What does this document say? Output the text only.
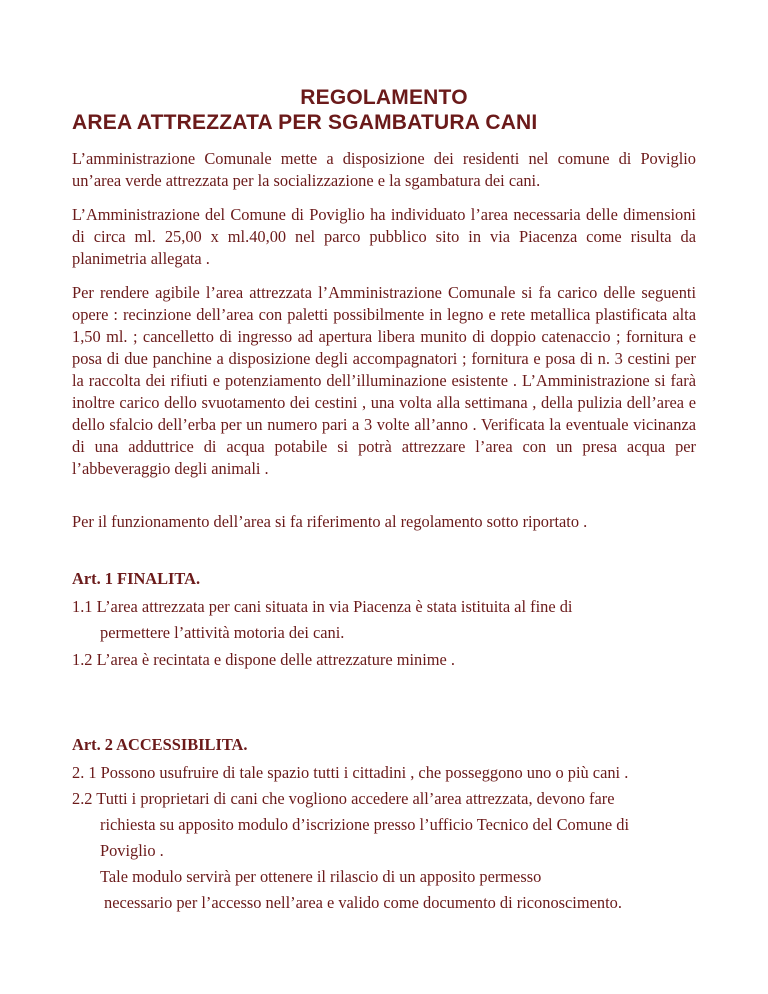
REGOLAMENTO
AREA ATTREZZATA PER SGAMBATURA CANI

L’amministrazione Comunale mette a disposizione dei residenti nel comune di Poviglio un’area verde attrezzata per la socializzazione e la sgambatura dei cani.

L’Amministrazione del Comune di Poviglio ha individuato l’area necessaria delle dimensioni di circa ml. 25,00 x ml.40,00 nel parco pubblico sito in via Piacenza come risulta da planimetria allegata .

Per rendere agibile l’area attrezzata l’Amministrazione Comunale si fa carico delle seguenti opere : recinzione dell’area con paletti possibilmente in legno e rete metallica plastificata alta 1,50 ml. ; cancelletto di ingresso ad apertura libera munito di doppio catenaccio ; fornitura e posa di due panchine a disposizione degli accompagnatori ; fornitura e posa di n. 3 cestini per la raccolta dei rifiuti e potenziamento dell’illuminazione esistente . L’Amministrazione si farà inoltre carico dello svuotamento dei cestini , una volta alla settimana , della pulizia dell’area e dello sfalcio dell’erba per un numero pari a 3 volte all’anno . Verificata la eventuale vicinanza di una adduttrice di acqua potabile si potrà attrezzare l’area con un presa acqua per l’abbeveraggio degli animali .

Per il funzionamento dell’area si fa riferimento al regolamento sotto riportato .

Art. 1 FINALITA.

1.1 L’area attrezzata per cani situata in via Piacenza è stata istituita al fine di
permettere l’attività motoria dei cani.
1.2 L’area è recintata e dispone delle attrezzature minime .

Art. 2 ACCESSIBILITA.

2. 1 Possono usufruire di tale spazio tutti i cittadini , che posseggono uno o più cani .
2.2 Tutti i proprietari di cani che vogliono accedere all’area attrezzata, devono fare
richiesta su apposito modulo d’iscrizione presso l’ufficio Tecnico del Comune di
Poviglio .
Tale modulo servirà per ottenere il rilascio di un apposito permesso
necessario per l’accesso nell’area e valido come documento di riconoscimento.
